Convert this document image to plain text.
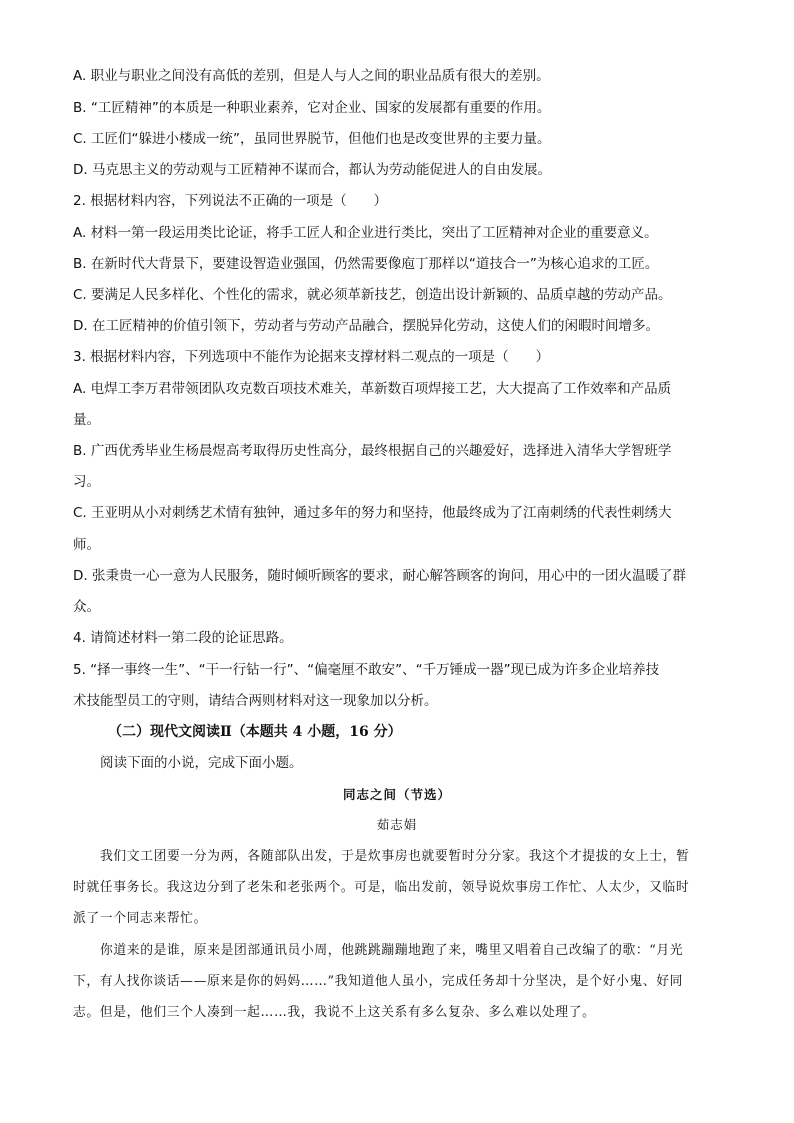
A. 职业与职业之间没有高低的差别，但是人与人之间的职业品质有很大的差别。
B. “工匠精神”的本质是一种职业素养，它对企业、国家的发展都有重要的作用。
C. 工匠们“躲进小楼成一统”，虽同世界脱节，但他们也是改变世界的主要力量。
D. 马克思主义的劳动观与工匠精神不谋而合，都认为劳动能促进人的自由发展。
2. 根据材料内容，下列说法不正确的一项是（　　）
A. 材料一第一段运用类比论证，将手工匠人和企业进行类比，突出了工匠精神对企业的重要意义。
B. 在新时代大背景下，要建设智造业强国，仍然需要像庖丁那样以“道技合一”为核心追求的工匠。
C. 要满足人民多样化、个性化的需求，就必须革新技艺，创造出设计新颖的、品质卓越的劳动产品。
D. 在工匠精神的价值引领下，劳动者与劳动产品融合，摆脱异化劳动，这使人们的闲暇时间增多。
3. 根据材料内容，下列选项中不能作为论据来支撑材料二观点的一项是（　　）
A. 电焊工李万君带领团队攻克数百项技术难关，革新数百项焊接工艺，大大提高了工作效率和产品质
量。
B. 广西优秀毕业生杨晨煜高考取得历史性高分，最终根据自己的兴趣爱好，选择进入清华大学智班学
习。
C. 王亚明从小对刺绣艺术情有独钟，通过多年的努力和坚持，他最终成为了江南刺绣的代表性刺绣大
师。
D. 张秉贵一心一意为人民服务，随时倾听顾客的要求，耐心解答顾客的询问，用心中的一团火温暖了群
众。
4. 请简述材料一第二段的论证思路。
5. “择一事终一生”、“干一行钻一行”、“偏毫厘不敢安”、“千万锤成一器”现已成为许多企业培养技
术技能型员工的守则，请结合两则材料对这一现象加以分析。
（二）现代文阅读Ⅱ（本题共 4 小题，16 分）
阅读下面的小说，完成下面小题。
同志之间（节选）
茹志娟
我们文工团要一分为两，各随部队出发，于是炊事房也就要暂时分分家。我这个才提拔的女上士，暂
时就任事务长。我这边分到了老朱和老张两个。可是，临出发前，领导说炊事房工作忙、人太少，又临时
派了一个同志来帮忙。
你道来的是谁，原来是团部通讯员小周，他跳跳蹦蹦地跑了来，嘴里又唱着自己改编了的歌：“月光
下，有人找你谈话——原来是你的妈妈……”我知道他人虽小，完成任务却十分坚决，是个好小鬼、好同
志。但是，他们三个人凑到一起……我，我说不上这关系有多么复杂、多么难以处理了。
